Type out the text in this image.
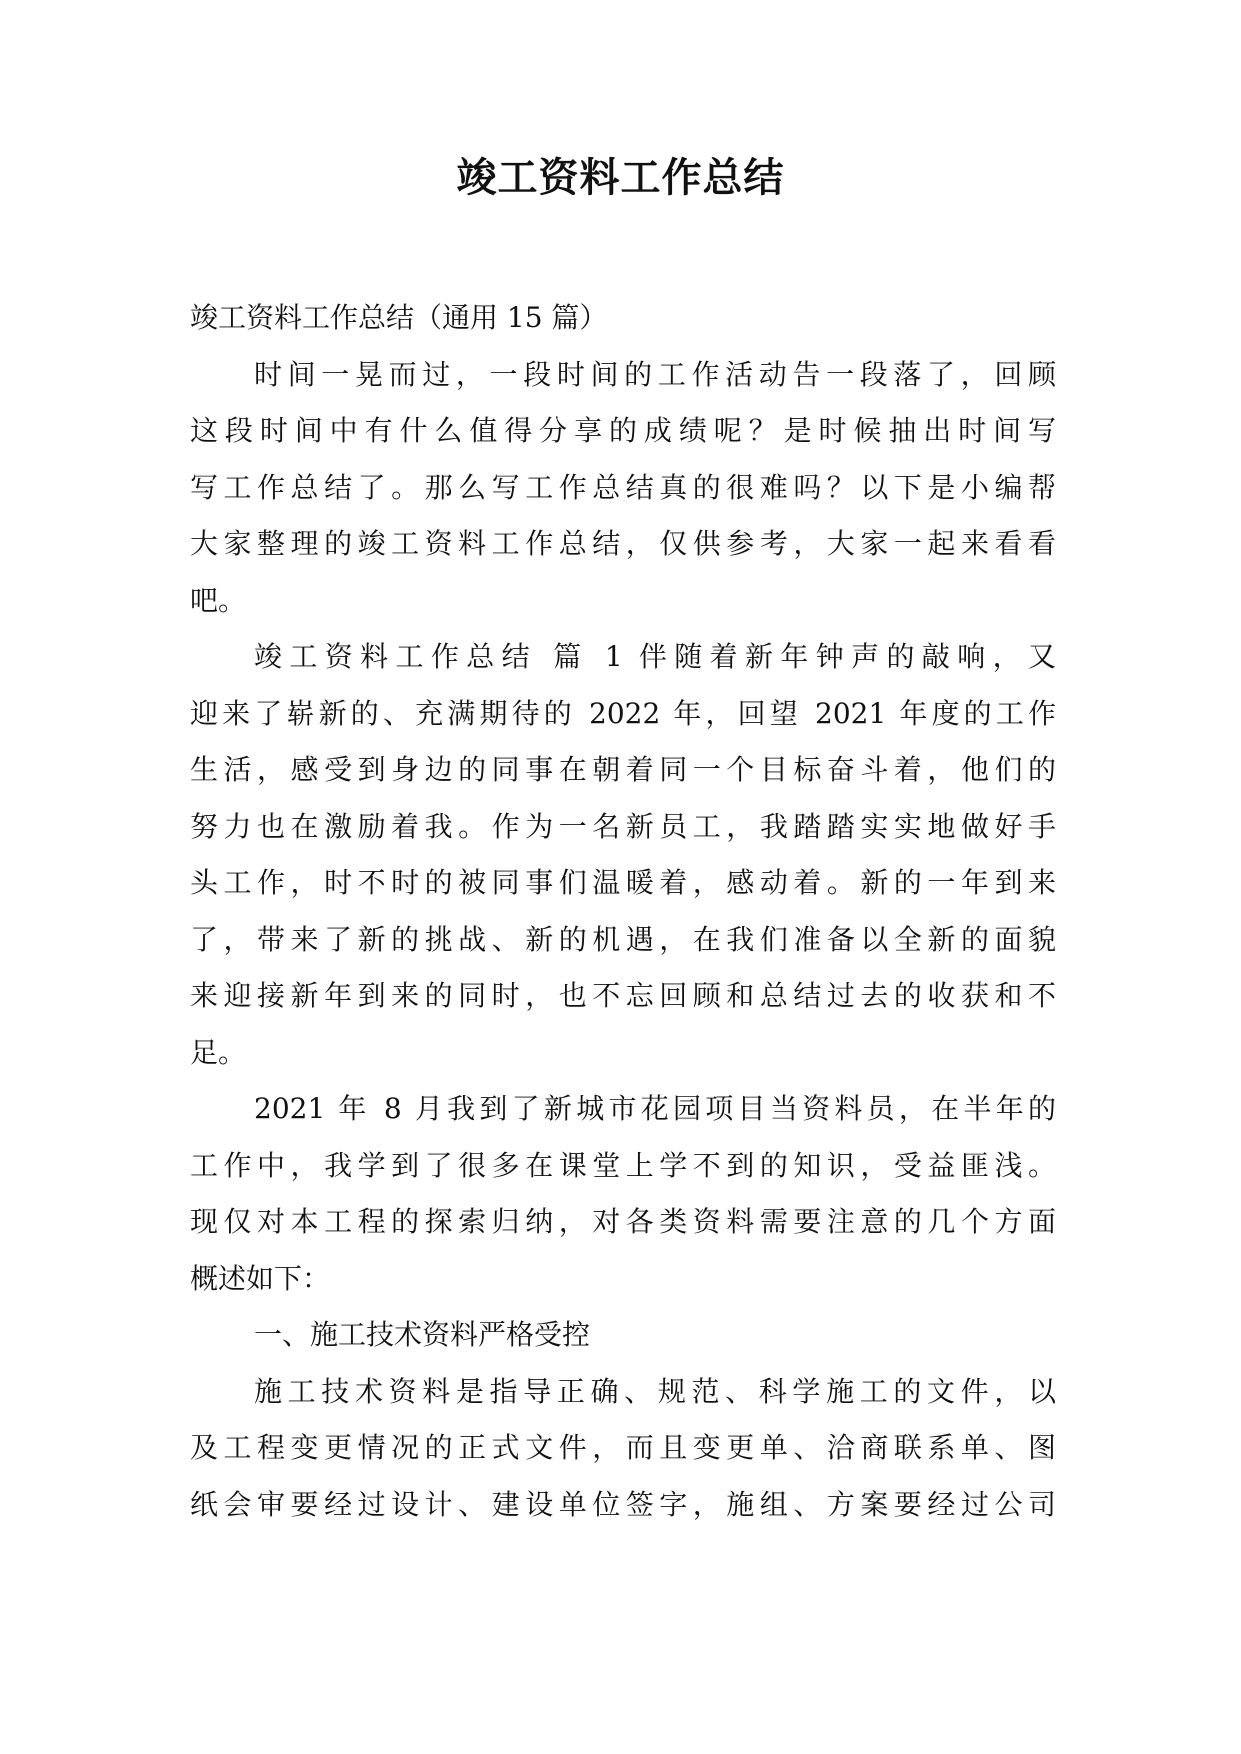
竣工资料工作总结
竣工资料工作总结（通用 15 篇）
时间一晃而过，一段时间的工作活动告一段落了，回顾
这段时间中有什么值得分享的成绩呢？是时候抽出时间写
写工作总结了。那么写工作总结真的很难吗？以下是小编帮
大家整理的竣工资料工作总结，仅供参考，大家一起来看看
吧。
竣工资料工作总结 篇 1 伴随着新年钟声的敲响，又
迎来了崭新的、充满期待的 2022 年，回望 2021 年度的工作
生活，感受到身边的同事在朝着同一个目标奋斗着，他们的
努力也在激励着我。作为一名新员工，我踏踏实实地做好手
头工作，时不时的被同事们温暖着，感动着。新的一年到来
了，带来了新的挑战、新的机遇，在我们准备以全新的面貌
来迎接新年到来的同时，也不忘回顾和总结过去的收获和不
足。
2021 年 8 月我到了新城市花园项目当资料员，在半年的
工作中，我学到了很多在课堂上学不到的知识，受益匪浅。
现仅对本工程的探索归纳，对各类资料需要注意的几个方面
概述如下：
一、施工技术资料严格受控
施工技术资料是指导正确、规范、科学施工的文件，以
及工程变更情况的正式文件，而且变更单、洽商联系单、图
纸会审要经过设计、建设单位签字，施组、方案要经过公司
